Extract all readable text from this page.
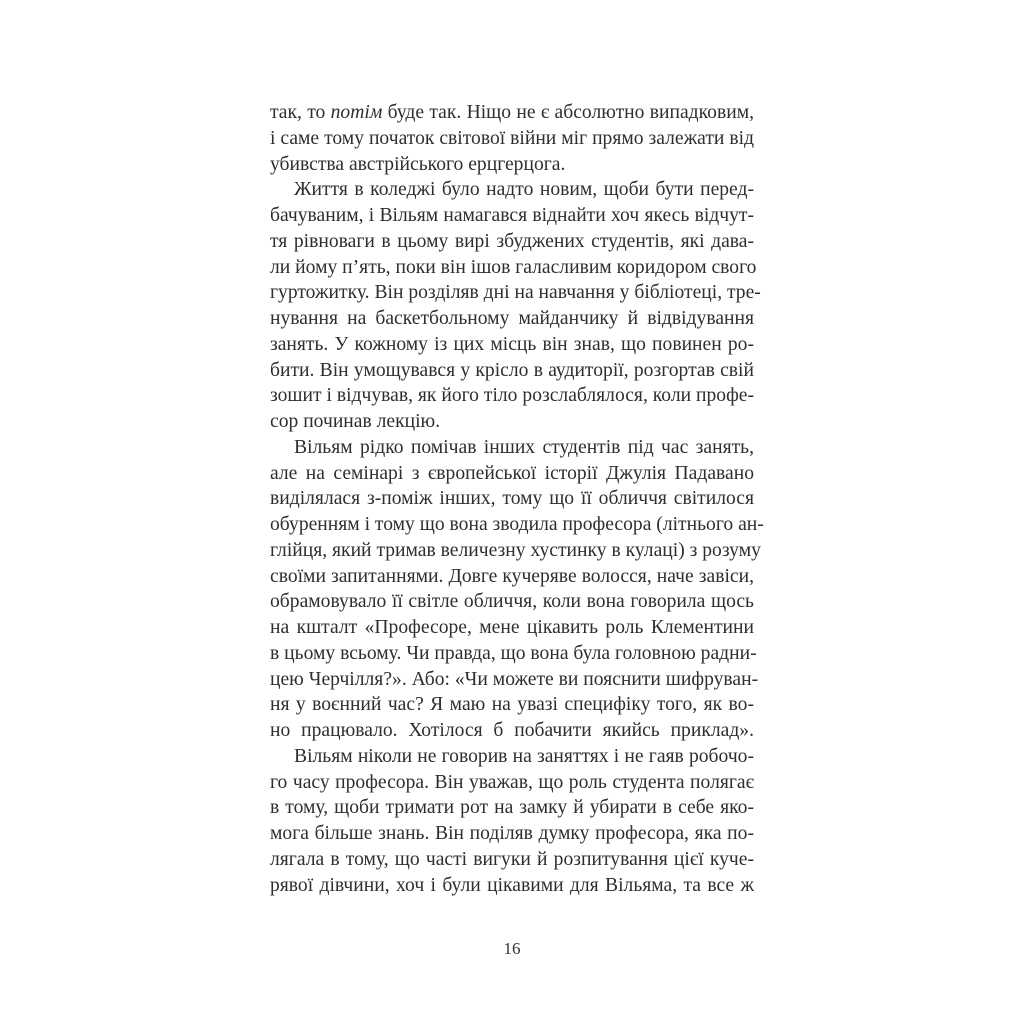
так, то потім буде так. Ніщо не є абсолютно випадковим,
і саме тому початок світової війни міг прямо залежати від
убивства австрійського ерцгерцога.
Життя в коледжі було надто новим, щоби бути перед-
бачуваним, і Вільям намагався віднайти хоч якесь відчут-
тя рівноваги в цьому вирі збуджених студентів, які дава-
ли йому п’ять, поки він ішов галасливим коридором свого
гуртожитку. Він розділяв дні на навчання у бібліотеці, тре-
нування на баскетбольному майданчику й відвідування
занять. У кожному із цих місць він знав, що повинен ро-
бити. Він умощувався у крісло в аудиторії, розгортав свій
зошит і відчував, як його тіло розслаблялося, коли профе-
сор починав лекцію.
Вільям рідко помічав інших студентів під час занять,
але на семінарі з європейської історії Джулія Падавано
виділялася з-поміж інших, тому що її обличчя світилося
обуренням і тому що вона зводила професора (літнього ан-
глійця, який тримав величезну хустинку в кулаці) з розуму
своїми запитаннями. Довге кучеряве волосся, наче завіси,
обрамовувало її світле обличчя, коли вона говорила щось
на кшталт «Професоре, мене цікавить роль Клементини
в цьому всьому. Чи правда, що вона була головною радни-
цею Черчілля?». Або: «Чи можете ви пояснити шифруван-
ня у воєнний час? Я маю на увазі специфіку того, як во-
но працювало. Хотілося б побачити якийсь приклад».
Вільям ніколи не говорив на заняттях і не гаяв робочо-
го часу професора. Він уважав, що роль студента полягає
в тому, щоби тримати рот на замку й убирати в себе яко-
мога більше знань. Він поділяв думку професора, яка по-
лягала в тому, що часті вигуки й розпитування цієї куче-
рявої дівчини, хоч і були цікавими для Вільяма, та все ж
16
